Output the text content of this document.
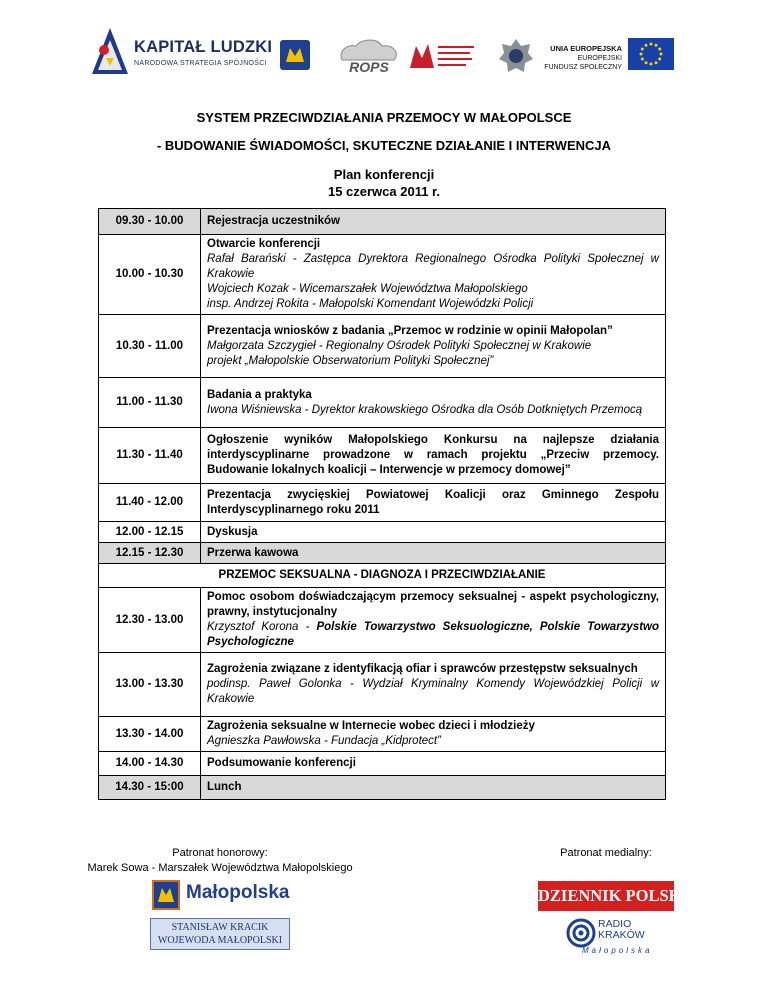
KAPITAŁ LUDZKI
NARODOWA STRATEGIA SPÓJNOŚCI	ROPS
UNIA EUROPEJSKA
EUROPEJSKI
FUNDUSZ SPOŁECZNY
SYSTEM PRZECIWDZIAŁANIA PRZEMOCY W MAŁOPOLSCE
- BUDOWANIE ŚWIADOMOŚCI, SKUTECZNE DZIAŁANIE I INTERWENCJA
Plan konferencji
15 czerwca 2011 r.
09.30 - 10.00	Rejestracja uczestników
10.00 - 10.30	Otwarcie konferencji
Rafał Barański - Zastępca Dyrektora Regionalnego Ośrodka Polityki Społecznej w Krakowie
Wojciech Kozak - Wicemarszałek Województwa Małopolskiego
insp. Andrzej Rokita - Małopolski Komendant Wojewódzki Policji

10.30 - 11.00	Prezentacja wniosków z badania „Przemoc w rodzinie w opinii Małopolan”
Małgorzata Szczygieł - Regionalny Ośrodek Polityki Społecznej w Krakowie
projekt „Małopolskie Obserwatorium Polityki Społecznej”

11.00 - 11.30	Badania a praktyka
Iwona Wiśniewska - Dyrektor krakowskiego Ośrodka dla Osób Dotkniętych Przemocą

11.30 - 11.40	Ogłoszenie wyników Małopolskiego Konkursu na najlepsze działania interdyscyplinarne prowadzone w ramach projektu „Przeciw przemocy. Budowanie lokalnych koalicji – Interwencje w przemocy domowej”
11.40 - 12.00	Prezentacja zwycięskiej Powiatowej Koalicji oraz Gminnego Zespołu Interdyscyplinarnego roku 2011
12.00 - 12.15	Dyskusja
12.15 - 12.30	Przerwa kawowa
PRZEMOC SEKSUALNA - DIAGNOZA I PRZECIWDZIAŁANIE	
12.30 - 13.00	Pomoc osobom doświadczającym przemocy seksualnej - aspekt psychologiczny, prawny, instytucjonalny
Krzysztof Korona - Polskie Towarzystwo Seksuologiczne, Polskie Towarzystwo Psychologiczne
13.00 - 13.30	Zagrożenia związane z identyfikacją ofiar i sprawców przestępstw seksualnych
podinsp. Paweł Golonka - Wydział Kryminalny Komendy Wojewódzkiej Policji w Krakowie

13.30 - 14.00	Zagrożenia seksualne w Internecie wobec dzieci i młodzieży
Agnieszka Pawłowska - Fundacja „Kidprotect”

14.00 - 14.30	Podsumowanie konferencji
14.30 - 15:00	Lunch
Patronat honorowy:
Marek Sowa - Marszałek Województwa Małopolskiego
Patronat medialny:
Małopolska
STANISŁAW KRACIK
WOJEWODA MAŁOPOLSKI
DZIENNIK POLSKI
RADIO
KRAKÓW
Małopolska
